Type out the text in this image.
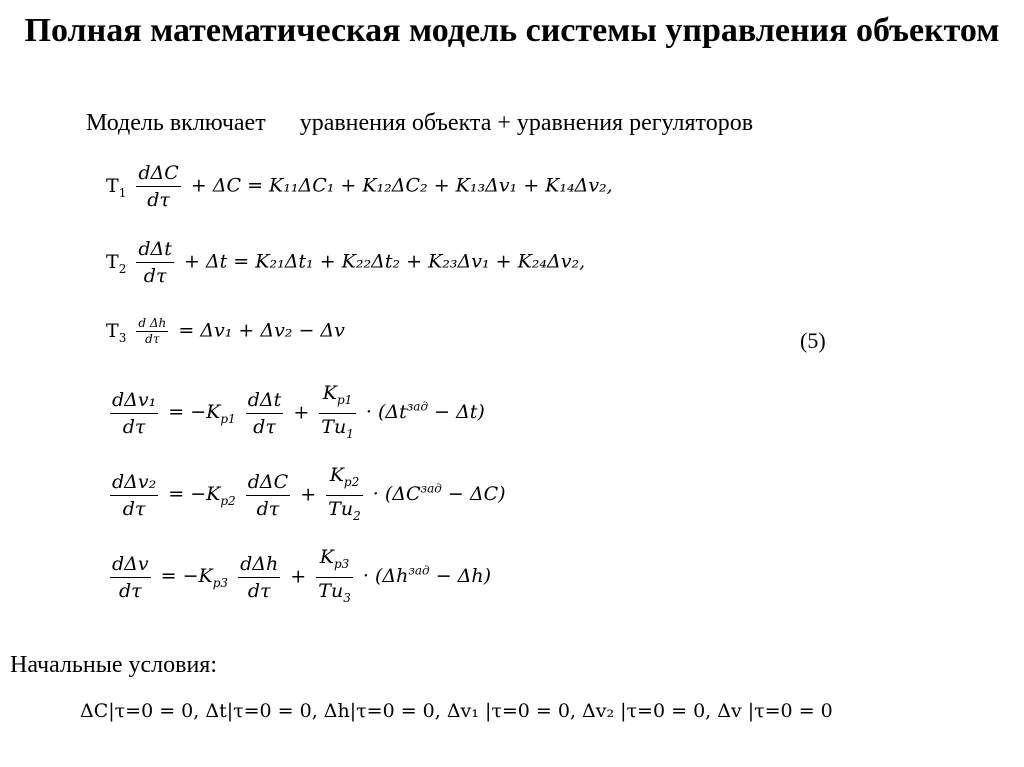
Полная математическая модель системы управления объектом
Модель включает уравнения объекта + уравнения регуляторов
$T_1 \frac{\text{dΔC}}{d\tau} + \Delta C = K_{11}\Delta C_1 + K_{12}\Delta C_2 + K_{13}\Delta v_1 + K_{14}\Delta v_2$,
$T_2 \frac{\text{dΔt}}{d\tau} + \Delta t = K_{21}\Delta t_1 + K_{22}\Delta t_2 + K_{23}\Delta v_1 + K_{24}\Delta v_2$,
$T_3 \frac{\text{d Δh}}{d\tau} = \Delta v_1 + \Delta v_2 - \Delta v$	(5)
$\frac{\text{dΔv₁}}{d\tau} = -K_{p1} \frac{\text{dΔt}}{d\tau} + \frac{K_{p1}}{Tu_1} \cdot (\Delta t^{зад} - \Delta t)$
$\frac{\text{dΔv₂}}{d\tau} = -K_{p2} \frac{\text{dΔC}}{d\tau} + \frac{K_{p2}}{Tu_2} \cdot (\Delta C^{зад} - \Delta C)$
$\frac{\text{dΔv}}{d\tau} = -K_{p3} \frac{\text{dΔh}}{d\tau} + \frac{K_{p3}}{Tu_3} \cdot (\Delta h^{зад} - \Delta h)$
Начальные условия:
ΔC|τ=0 = 0, Δt|τ=0 = 0, Δh|τ=0 = 0, Δv₁ |τ=0 = 0, Δv₂ |τ=0 = 0, Δv |τ=0 = 0
